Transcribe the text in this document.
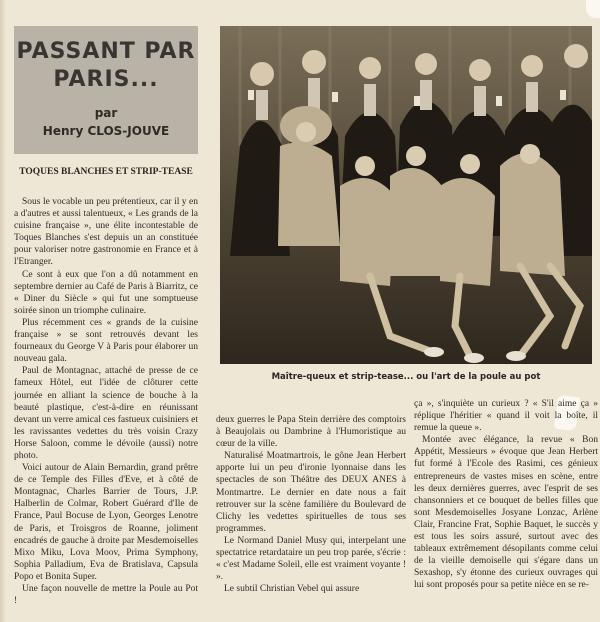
PASSANT PAR PARIS...
par
Henry CLOS-JOUVE
TOQUES BLANCHES ET STRIP-TEASE

Sous le vocable un peu prétentieux, car il y en a d'autres et aussi talentueux, « Les grands de la cuisine française », une élite incontestable de Toques Blanches s'est depuis un an constituée pour valoriser notre gastronomie en France et à l'Etranger.

Ce sont à eux que l'on a dû notamment en septembre dernier au Café de Paris à Biarritz, ce « Diner du Siècle » qui fut une somptueuse soirée sinon un triomphe culinaire.

Plus récemment ces « grands de la cuisine française » se sont retrouvés devant les fourneaux du George V à Paris pour élaborer un nouveau gala.

Paul de Montagnac, attaché de presse de ce fameux Hôtel, eut l'idée de clôturer cette journée en alliant la science de bouche à la beauté plastique, c'est-à-dire en réunissant devant un verre amical ces fastueux cuisiniers et les ravissantes vedettes du très voisin Crazy Horse Saloon, comme le dévoile (aussi) notre photo.

Voici autour de Alain Bernardin, grand prêtre de ce Temple des Filles d'Eve, et à côté de Montagnac, Charles Barrier de Tours, J.P. Halberlin de Colmar, Robert Guérard d'Ile de France, Paul Bocuse de Lyon, Georges Lenotre de Paris, et Troisgros de Roanne, joliment encadrés de gauche à droite par Mesdemoiselles Mixo Miku, Lova Moov, Prima Symphony, Sophia Palladium, Eva de Bratislava, Capsula Popo et Bonita Super.

Une façon nouvelle de mettre la Poule au Pot !

Maître-queux et strip-tease... ou l'art de la poule au pot

deux guerres le Papa Stein derrière des comptoirs à Beaujolais ou Dambrine à l'Humoristique au cœur de la ville.

Naturalisé Moatmartrois, le gône Jean Herbert apporte lui un peu d'ironie lyonnaise dans les spectacles de son Théâtre des DEUX ANES à Montmartre. Le dernier en date nous a fait retrouver sur la scène familière du Boulevard de Clichy les vedettes spirituelles de tous ses programmes.

Le Normand Daniel Musy qui, interpelant une spectatrice retardataire un peu trop parée, s'écrie : « c'est Madame Soleil, elle est vraiment voyante ! ».

Le subtil Christian Vebel qui assure

ça », s'inquiète un curieux ? « S'il aime ça » réplique l'héritier « quand il voit la boîte, il remue la queue ».

Montée avec élégance, la revue « Bon Appétit, Messieurs » évoque que Jean Herbert fut formé à l'Ecole des Rasimi, ces génieux entrepreneurs de vastes mises en scène, entre les deux dernières guerres, avec l'esprit de ses chansonniers et ce bouquet de belles filles que sont Mesdemoiselles Josyane Lonzac, Arlène Clair, Francine Frat, Sophie Baquet, le succès y est tous les soirs assuré, surtout avec des tableaux extrêmement désopilants comme celui de la vieille demoiselle qui s'égare dans un Sexashop, s'y étonne des curieux ouvrages qui lui sont proposés pour sa petite nièce en se re-
